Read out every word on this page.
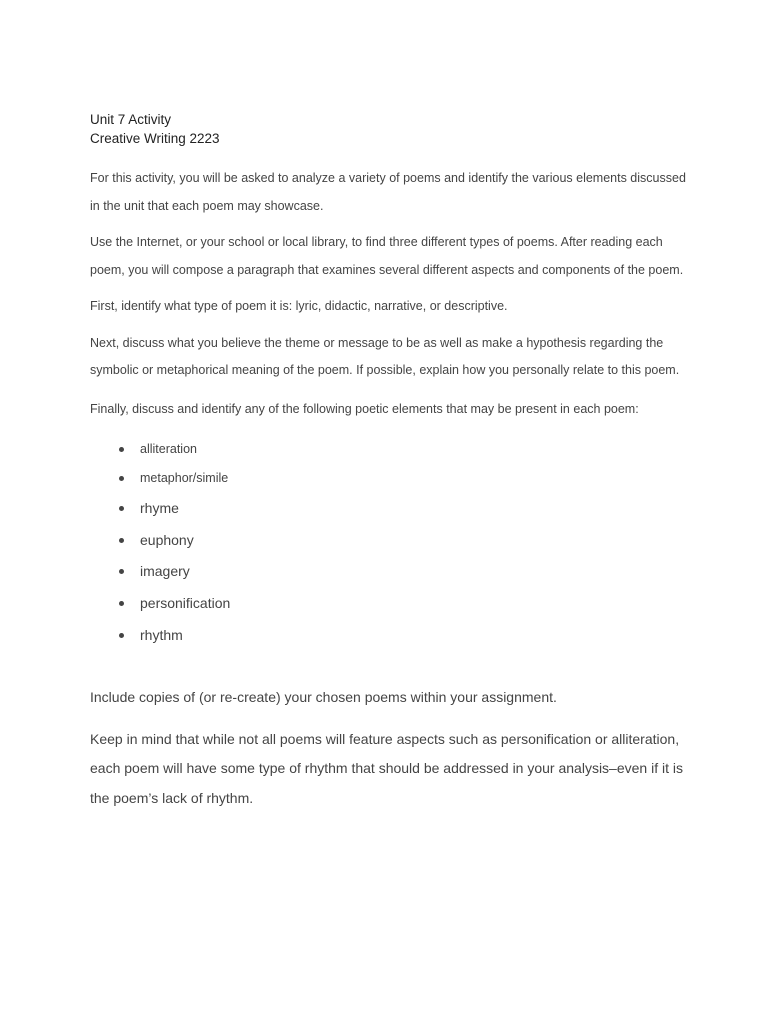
Unit 7 Activity

Creative Writing 2223

For this activity, you will be asked to analyze a variety of poems and identify the various elements discussed in the unit that each poem may showcase.

Use the Internet, or your school or local library, to find three different types of poems. After reading each poem, you will compose a paragraph that examines several different aspects and components of the poem.

First, identify what type of poem it is: lyric, didactic, narrative, or descriptive.

Next, discuss what you believe the theme or message to be as well as make a hypothesis regarding the symbolic or metaphorical meaning of the poem. If possible, explain how you personally relate to this poem.

Finally, discuss and identify any of the following poetic elements that may be present in each poem:

alliteration
metaphor/simile
rhyme
euphony
imagery
personification
rhythm

Include copies of (or re-create) your chosen poems within your assignment.

Keep in mind that while not all poems will feature aspects such as personification or alliteration, each poem will have some type of rhythm that should be addressed in your analysis–even if it is the poem’s lack of rhythm.
